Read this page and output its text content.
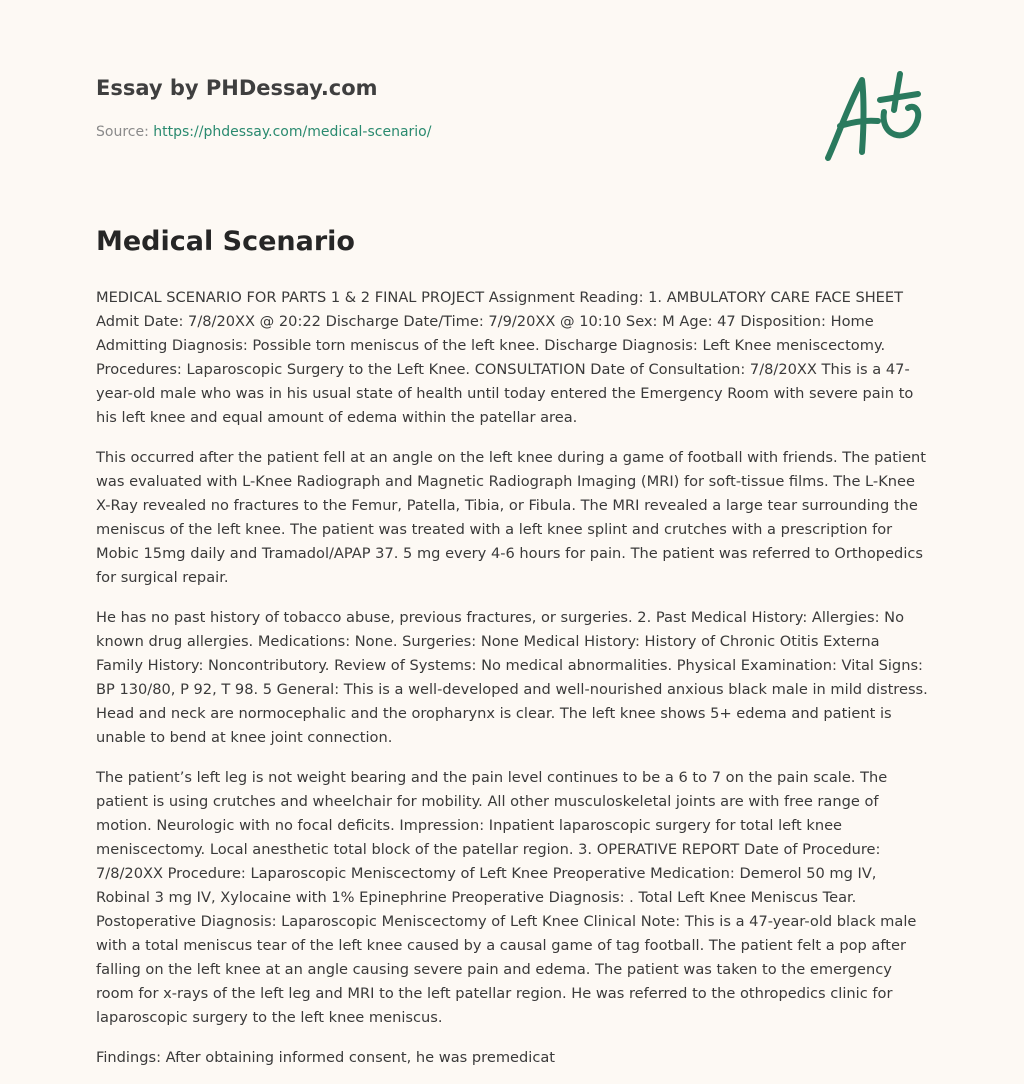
Essay by PHDessay.com
Source: https://phdessay.com/medical-scenario/
Medical Scenario

MEDICAL SCENARIO FOR PARTS 1 & 2 FINAL PROJECT Assignment Reading: 1. AMBULATORY CARE FACE SHEET Admit Date: 7/8/20XX @ 20:22 Discharge Date/Time: 7/9/20XX @ 10:10 Sex: M Age: 47 Disposition: Home Admitting Diagnosis: Possible torn meniscus of the left knee. Discharge Diagnosis: Left Knee meniscectomy. Procedures: Laparoscopic Surgery to the Left Knee. CONSULTATION Date of Consultation: 7/8/20XX This is a 47-year-old male who was in his usual state of health until today entered the Emergency Room with severe pain to his left knee and equal amount of edema within the patellar area.

This occurred after the patient fell at an angle on the left knee during a game of football with friends. The patient was evaluated with L-Knee Radiograph and Magnetic Radiograph Imaging (MRI) for soft-tissue films. The L-Knee X-Ray revealed no fractures to the Femur, Patella, Tibia, or Fibula. The MRI revealed a large tear surrounding the meniscus of the left knee. The patient was treated with a left knee splint and crutches with a prescription for Mobic 15mg daily and Tramadol/APAP 37. 5 mg every 4-6 hours for pain. The patient was referred to Orthopedics for surgical repair.

He has no past history of tobacco abuse, previous fractures, or surgeries. 2. Past Medical History: Allergies: No known drug allergies. Medications: None. Surgeries: None Medical History: History of Chronic Otitis Externa Family History: Noncontributory. Review of Systems: No medical abnormalities. Physical Examination: Vital Signs: BP 130/80, P 92, T 98. 5 General: This is a well-developed and well-nourished anxious black male in mild distress. Head and neck are normocephalic and the oropharynx is clear. The left knee shows 5+ edema and patient is unable to bend at knee joint connection.

The patient’s left leg is not weight bearing and the pain level continues to be a 6 to 7 on the pain scale. The patient is using crutches and wheelchair for mobility. All other musculoskeletal joints are with free range of motion. Neurologic with no focal deficits. Impression: Inpatient laparoscopic surgery for total left knee meniscectomy. Local anesthetic total block of the patellar region. 3. OPERATIVE REPORT Date of Procedure: 7/8/20XX Procedure: Laparoscopic Meniscectomy of Left Knee Preoperative Medication: Demerol 50 mg IV, Robinal 3 mg IV, Xylocaine with 1% Epinephrine Preoperative Diagnosis: . Total Left Knee Meniscus Tear. Postoperative Diagnosis: Laparoscopic Meniscectomy of Left Knee Clinical Note: This is a 47-year-old black male with a total meniscus tear of the left knee caused by a causal game of tag football. The patient felt a pop after falling on the left knee at an angle causing severe pain and edema. The patient was taken to the emergency room for x-rays of the left leg and MRI to the left patellar region. He was referred to the othropedics clinic for laparoscopic surgery to the left knee meniscus.

Findings: After obtaining informed consent, he was premedicat
